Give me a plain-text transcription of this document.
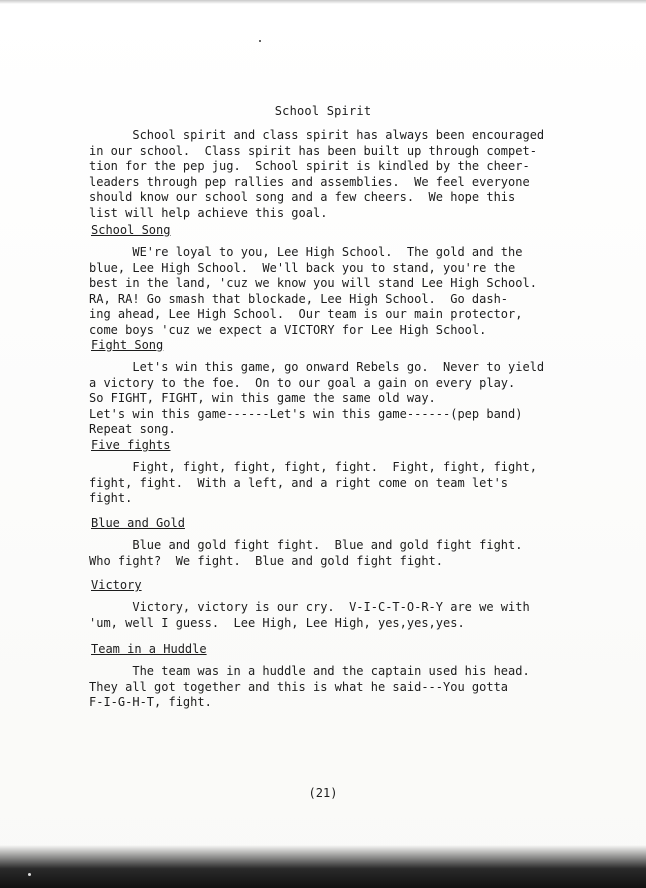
School Spirit
School spirit and class spirit has always been encouraged
in our school.  Class spirit has been built up through compet-
tion for the pep jug.  School spirit is kindled by the cheer-
leaders through pep rallies and assemblies.  We feel everyone
should know our school song and a few cheers.  We hope this
list will help achieve this goal.
School Song
WE're loyal to you, Lee High School.  The gold and the
blue, Lee High School.  We'll back you to stand, you're the
best in the land, 'cuz we know you will stand Lee High School.
RA, RA! Go smash that blockade, Lee High School.  Go dash-
ing ahead, Lee High School.  Our team is our main protector,
come boys 'cuz we expect a VICTORY for Lee High School.
Fight Song
Let's win this game, go onward Rebels go.  Never to yield
a victory to the foe.  On to our goal a gain on every play.
So FIGHT, FIGHT, win this game the same old way.
Let's win this game------Let's win this game------(pep band)
Repeat song.
Five fights
Fight, fight, fight, fight, fight.  Fight, fight, fight,
fight, fight.  With a left, and a right come on team let's
fight.
Blue and Gold
Blue and gold fight fight.  Blue and gold fight fight.
Who fight?  We fight.  Blue and gold fight fight.
Victory
Victory, victory is our cry.  V-I-C-T-O-R-Y are we with
'um, well I guess.  Lee High, Lee High, yes,yes,yes.
Team in a Huddle
The team was in a huddle and the captain used his head.
They all got together and this is what he said---You gotta
F-I-G-H-T, fight.
(21)
